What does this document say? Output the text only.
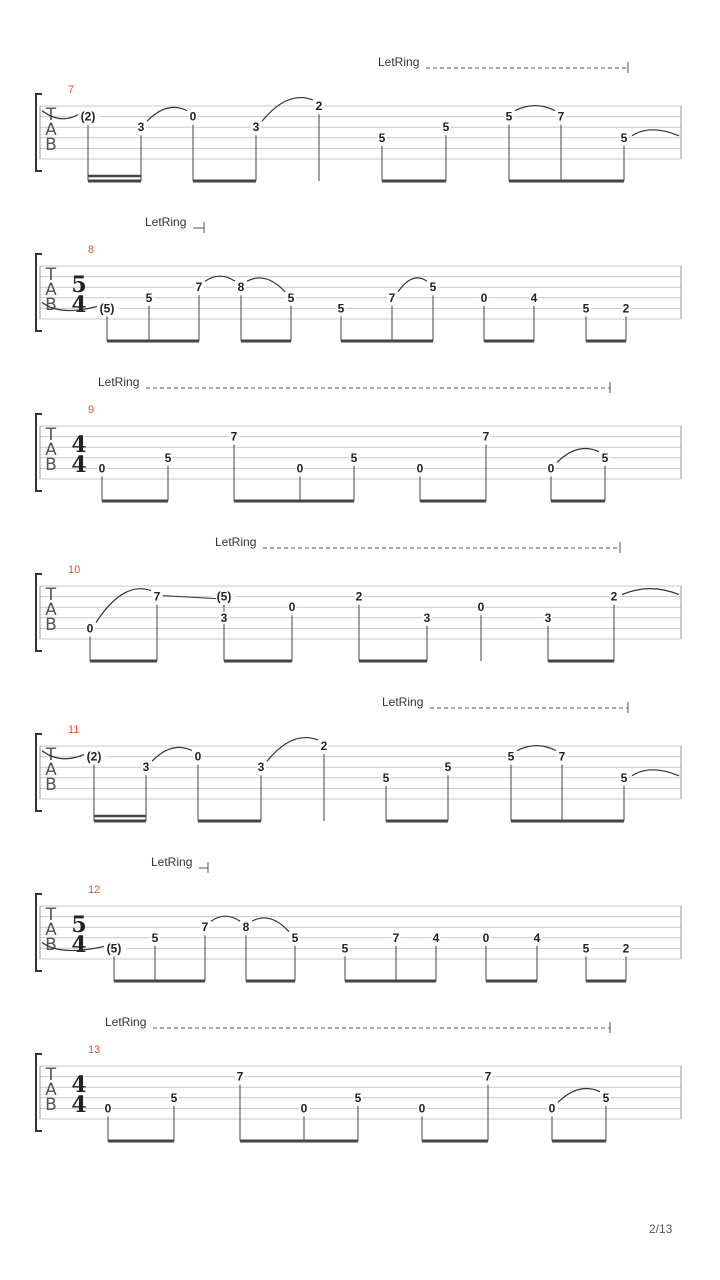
T
A
B
7
LetRing
(2)
3
0
3
2
5
5
5	7
5
T
A
B
8
5
4
LetRing
(5)
5
7	8
5
5
7
5
0	4
5	2
T
A
B
9
4
4
LetRing
0
5
7
0
5
0
7
0
5
T
A
B
10
LetRing
0
7	(5)
3
0
2
3
0
3
2
T
A
B
11
LetRing
(2)
3
0
3
2
5
5
5	7
5
T
A
B
12
5
4
LetRing
(5)
5
7	8
5
5
7	4	0	4
5	2
T
A
B
13
4
4
LetRing
0
5
7
0
5
0
7
0
5
2/13
